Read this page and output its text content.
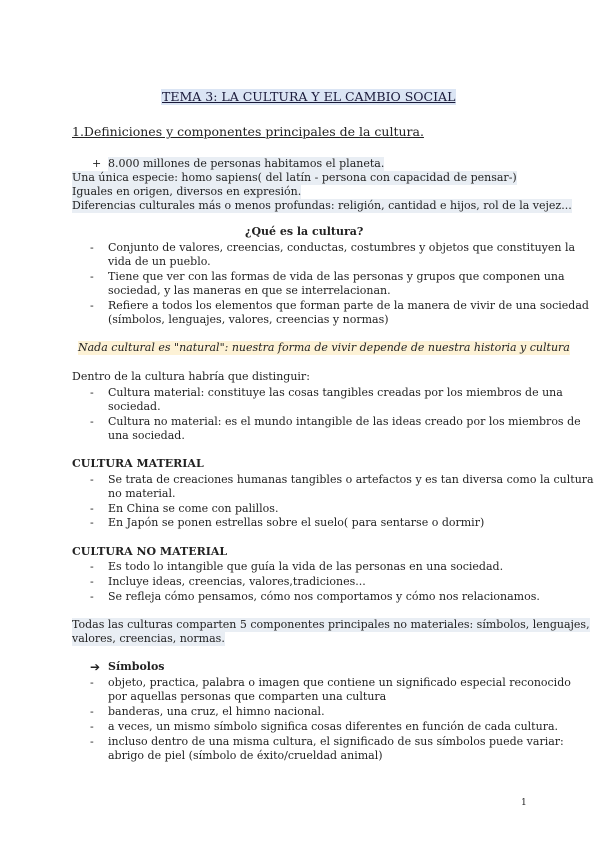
TEMA 3: LA CULTURA Y EL CAMBIO SOCIAL
1.Definiciones y componentes principales de la cultura.
+ 8.000 millones de personas habitamos el planeta.
Una única especie: homo sapiens( del latín - persona con capacidad de pensar-)
Iguales en origen, diversos en expresión.
Diferencias culturales más o menos profundas: religión, cantidad e hijos, rol de la vejez...
¿Qué es la cultura?
- Conjunto de valores, creencias, conductas, costumbres y objetos que constituyen la
vida de un pueblo.
- Tiene que ver con las formas de vida de las personas y grupos que componen una
sociedad, y las maneras en que se interrelacionan.
- Refiere a todos los elementos que forman parte de la manera de vivir de una sociedad
(símbolos, lenguajes, valores, creencias y normas)
Nada cultural es "natural": nuestra forma de vivir depende de nuestra historia y cultura
Dentro de la cultura habría que distinguir:
- Cultura material: constituye las cosas tangibles creadas por los miembros de una
sociedad.
- Cultura no material: es el mundo intangible de las ideas creado por los miembros de
una sociedad.
CULTURA MATERIAL
- Se trata de creaciones humanas tangibles o artefactos y es tan diversa como la cultura
no material.
- En China se come con palillos.
- En Japón se ponen estrellas sobre el suelo( para sentarse o dormir)
CULTURA NO MATERIAL
- Es todo lo intangible que guía la vida de las personas en una sociedad.
- Incluye ideas, creencias, valores,tradiciones...
- Se refleja cómo pensamos, cómo nos comportamos y cómo nos relacionamos.
Todas las culturas comparten 5 componentes principales no materiales: símbolos, lenguajes,
valores, creencias, normas.
➔ Símbolos
- objeto, practica, palabra o imagen que contiene un significado especial reconocido
por aquellas personas que comparten una cultura
- banderas, una cruz, el himno nacional.
- a veces, un mismo símbolo significa cosas diferentes en función de cada cultura.
- incluso dentro de una misma cultura, el significado de sus símbolos puede variar:
abrigo de piel (símbolo de éxito/crueldad animal)
1
